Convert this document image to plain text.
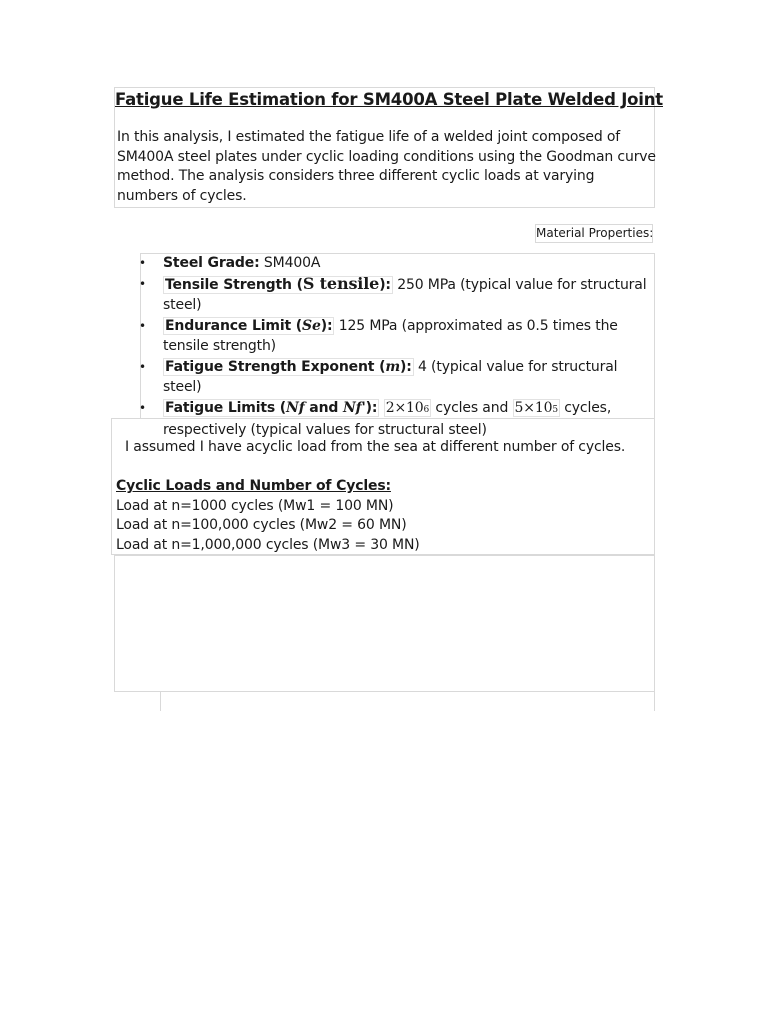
Fatigue Life Estimation for SM400A Steel Plate Welded Joint

In this analysis, I estimated the fatigue life of a welded joint composed of SM400A steel plates under cyclic loading conditions using the Goodman curve method. The analysis considers three different cyclic loads at varying numbers of cycles.

Material Properties:
• Steel Grade: SM400A
• Tensile Strength (S tensile): 250 MPa (typical value for structural steel)
• Endurance Limit (Se): 125 MPa (approximated as 0.5 times the tensile strength)
• Fatigue Strength Exponent (m): 4 (typical value for structural steel)
• Fatigue Limits (Nf and Nf'): 2×106 cycles and 5×105 cycles, respectively (typical values for structural steel)

I assumed I have acyclic load from the sea at different number of cycles.

Cyclic Loads and Number of Cycles:

Load at n=1000 cycles (Mw1 = 100 MN)

Load at n=100,000 cycles (Mw2 = 60 MN)

Load at n=1,000,000 cycles (Mw3 = 30 MN)
